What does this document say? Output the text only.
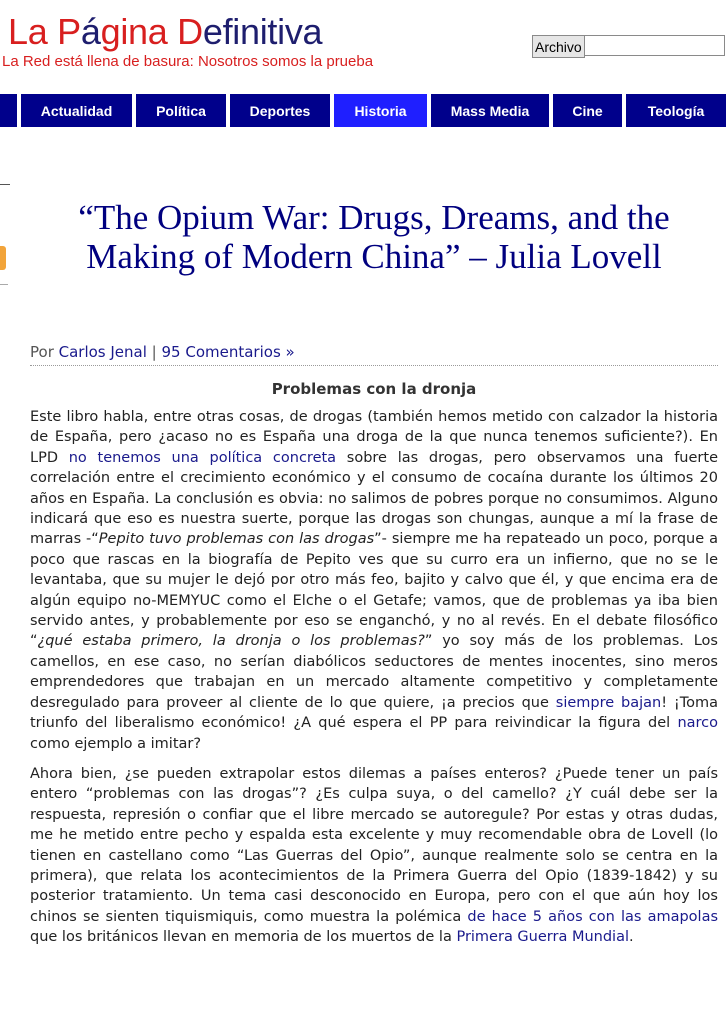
La Página Definitiva
La Red está llena de basura: Nosotros somos la prueba
Archivo
Actualidad	Política	Deportes	Historia	Mass Media	Cine	Teología
“The Opium War: Drugs, Dreams, and the Making of Modern China” – Julia Lovell
Por Carlos Jenal | 95 Comentarios »
Problemas con la dronja

Este libro habla, entre otras cosas, de drogas (también hemos metido con calzador la historia de España, pero ¿acaso no es España una droga de la que nunca tenemos suficiente?). En LPD no tenemos una política concreta sobre las drogas, pero observamos una fuerte correlación entre el crecimiento económico y el consumo de cocaína durante los últimos 20 años en España. La conclusión es obvia: no salimos de pobres porque no consumimos. Alguno indicará que eso es nuestra suerte, porque las drogas son chungas, aunque a mí la frase de marras -“Pepito tuvo problemas con las drogas”- siempre me ha repateado un poco, porque a poco que rascas en la biografía de Pepito ves que su curro era un infierno, que no se le levantaba, que su mujer le dejó por otro más feo, bajito y calvo que él, y que encima era de algún equipo no-MEMYUC como el Elche o el Getafe; vamos, que de problemas ya iba bien servido antes, y probablemente por eso se enganchó, y no al revés. En el debate filosófico “¿qué estaba primero, la dronja o los problemas?” yo soy más de los problemas. Los camellos, en ese caso, no serían diabólicos seductores de mentes inocentes, sino meros emprendedores que trabajan en un mercado altamente competitivo y completamente desregulado para proveer al cliente de lo que quiere, ¡a precios que siempre bajan! ¡Toma triunfo del liberalismo económico! ¿A qué espera el PP para reivindicar la figura del narco como ejemplo a imitar?

Ahora bien, ¿se pueden extrapolar estos dilemas a países enteros? ¿Puede tener un país entero “problemas con las drogas”? ¿Es culpa suya, o del camello? ¿Y cuál debe ser la respuesta, represión o confiar que el libre mercado se autoregule? Por estas y otras dudas, me he metido entre pecho y espalda esta excelente y muy recomendable obra de Lovell (lo tienen en castellano como “Las Guerras del Opio”, aunque realmente solo se centra en la primera), que relata los acontecimientos de la Primera Guerra del Opio (1839-1842) y su posterior tratamiento. Un tema casi desconocido en Europa, pero con el que aún hoy los chinos se sienten tiquismiquis, como muestra la polémica de hace 5 años con las amapolas que los británicos llevan en memoria de los muertos de la Primera Guerra Mundial.
